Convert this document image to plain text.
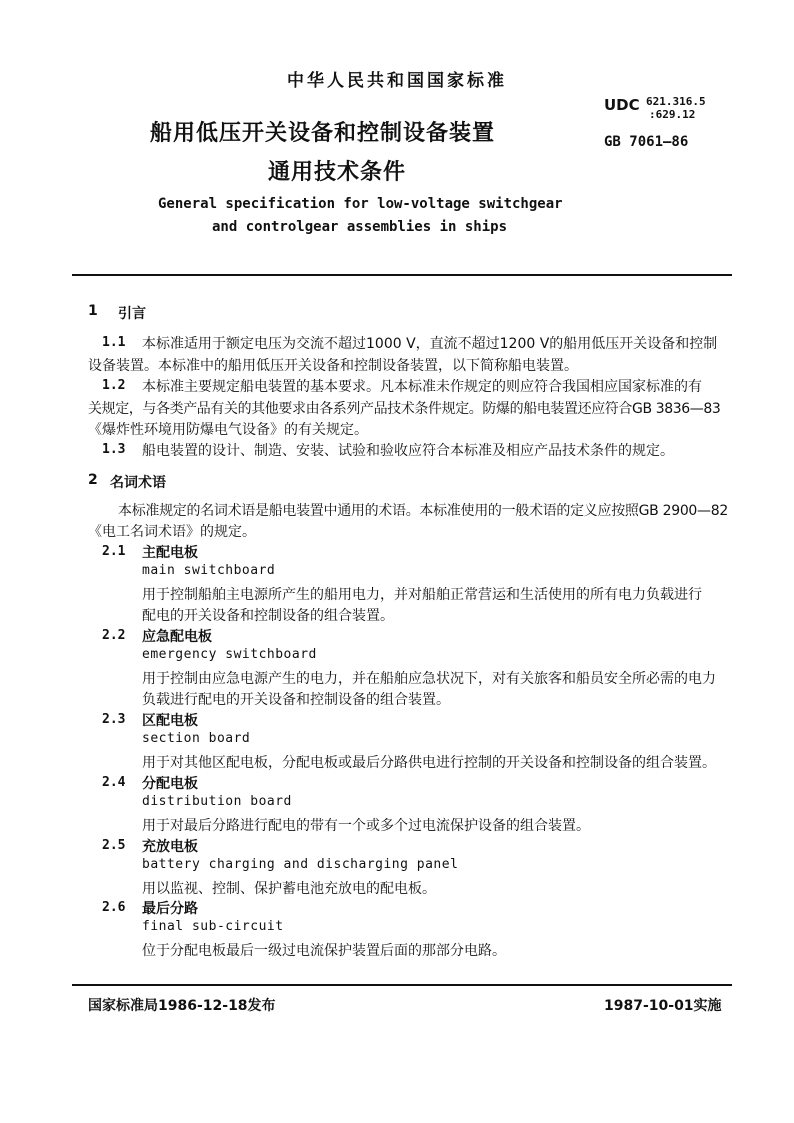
中华人民共和国国家标准
船用低压开关设备和控制设备装置
通用技术条件
General specification for low-voltage switchgear
and controlgear assemblies in ships
UDC 621.316.5
:629.12
GB 7061—86
1 引言
1.1 本标准适用于额定电压为交流不超过1000 V，直流不超过1200 V的船用低压开关设备和控制
设备装置。本标准中的船用低压开关设备和控制设备装置，以下简称船电装置。
1.2 本标准主要规定船电装置的基本要求。凡本标准未作规定的则应符合我国相应国家标准的有
关规定，与各类产品有关的其他要求由各系列产品技术条件规定。防爆的船电装置还应符合GB 3836—83
《爆炸性环境用防爆电气设备》的有关规定。
1.3 船电装置的设计、制造、安装、试验和验收应符合本标准及相应产品技术条件的规定。
2 名词术语
本标准规定的名词术语是船电装置中通用的术语。本标准使用的一般术语的定义应按照GB 2900—82
《电工名词术语》的规定。
2.1 主配电板
main switchboard
用于控制船舶主电源所产生的船用电力，并对船舶正常营运和生活使用的所有电力负载进行
配电的开关设备和控制设备的组合装置。
2.2 应急配电板
emergency switchboard
用于控制由应急电源产生的电力，并在船舶应急状况下，对有关旅客和船员安全所必需的电力
负载进行配电的开关设备和控制设备的组合装置。
2.3 区配电板
section board
用于对其他区配电板，分配电板或最后分路供电进行控制的开关设备和控制设备的组合装置。
2.4 分配电板
distribution board
用于对最后分路进行配电的带有一个或多个过电流保护设备的组合装置。
2.5 充放电板
battery charging and discharging panel
用以监视、控制、保护蓄电池充放电的配电板。
2.6 最后分路
final sub-circuit
位于分配电板最后一级过电流保护装置后面的那部分电路。
国家标准局1986-12-18发布	1987-10-01实施
